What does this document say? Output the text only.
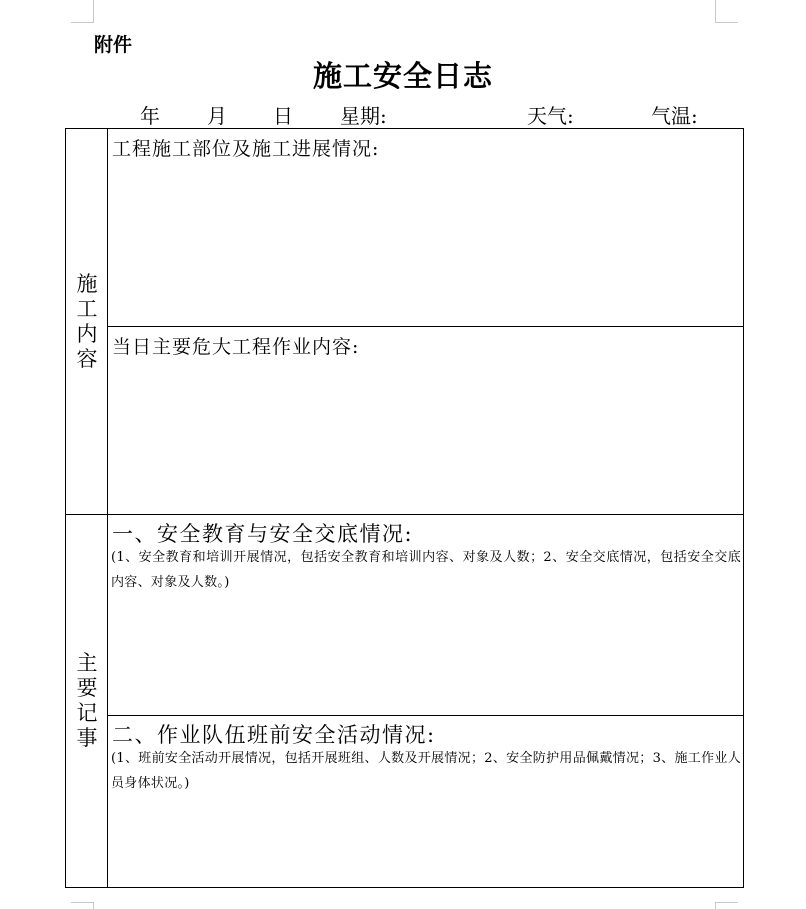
附件
施工安全日志
年 月 日 星期:	天气:	气温:
施
工
内
容
工程施工部位及施工进展情况:
当日主要危大工程作业内容:
主
要
记
事
一、安全教育与安全交底情况:
(1、安全教育和培训开展情况，包括安全教育和培训内容、对象及人数；2、安全交底情况，包括安全交底内容、对象及人数。)
二、作业队伍班前安全活动情况:
(1、班前安全活动开展情况，包括开展班组、人数及开展情况；2、安全防护用品佩戴情况；3、施工作业人员身体状况。)
